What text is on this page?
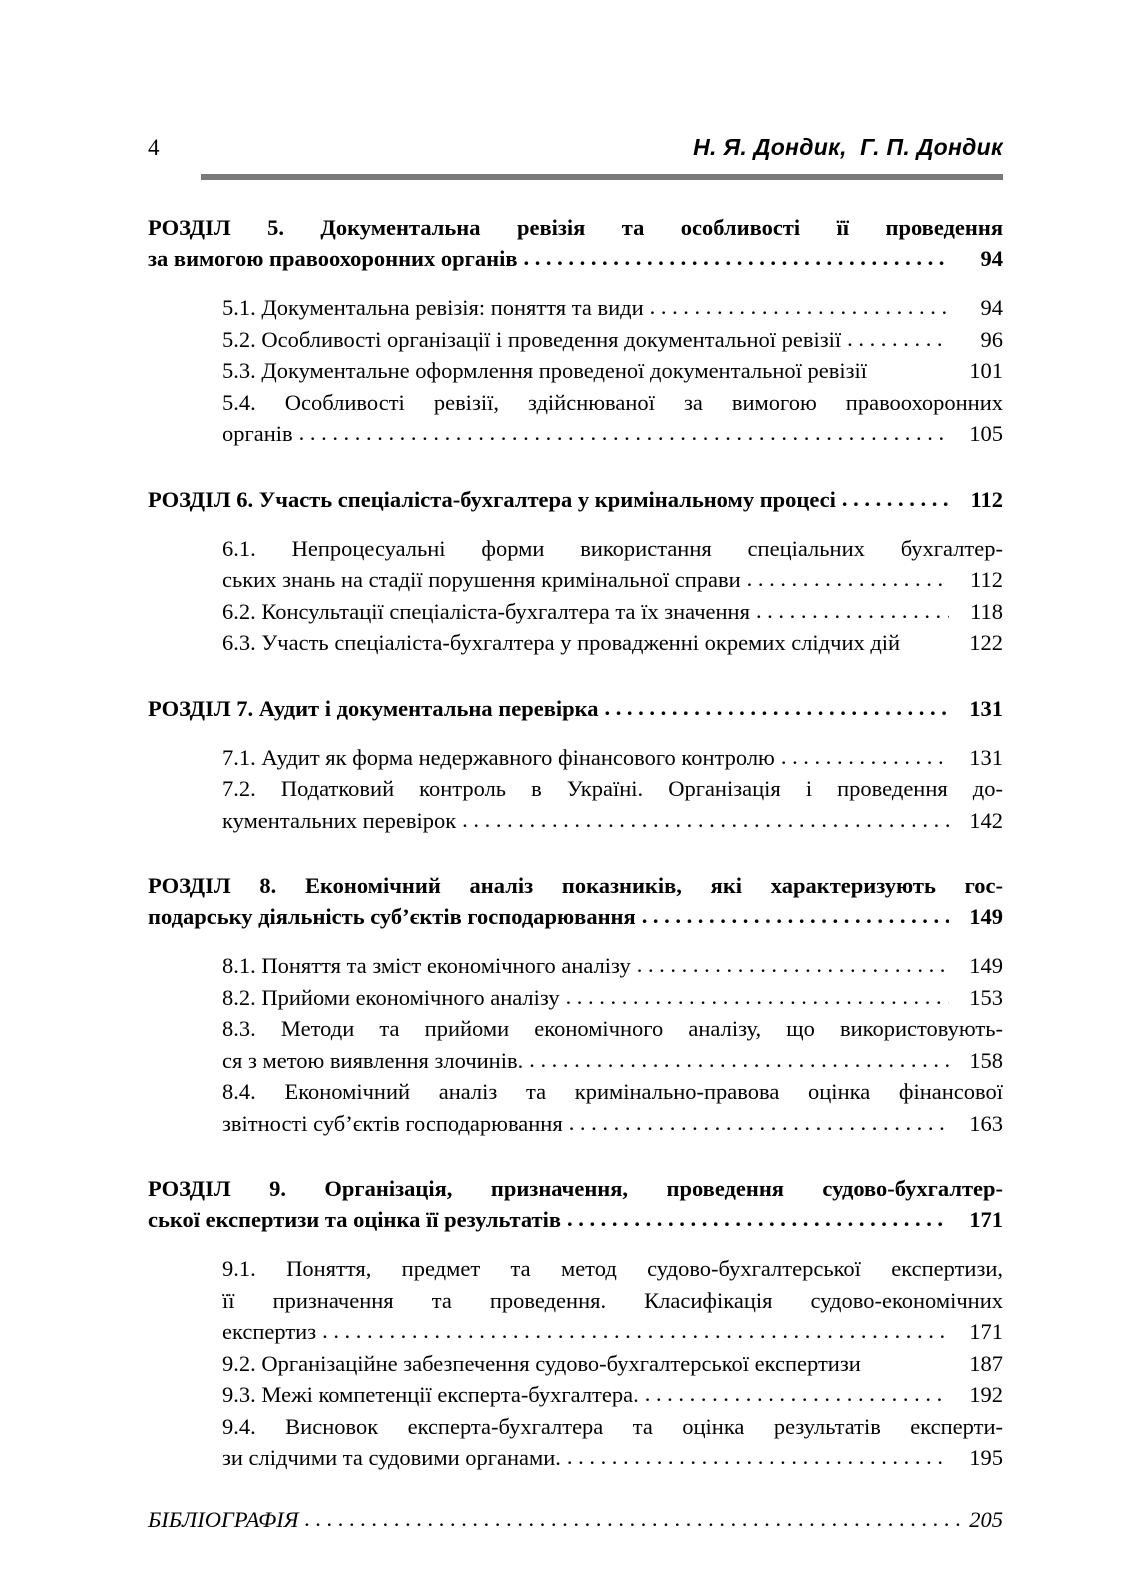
4	Н. Я. Дондик,  Г. П. Дондик
РОЗДІЛ 5. Документальна ревізія та особливості її проведення
за вимогою правоохоронних органів .....	94
5.1. Документальна ревізія: поняття та види .....	94
5.2. Особливості організації і проведення документальної ревізії .....	96
5.3. Документальне оформлення проведеної документальної ревізії	101
5.4. Особливості ревізії, здійснюваної за вимогою правоохоронних
органів .....	105
РОЗДІЛ 6. Участь спеціаліста-бухгалтера у кримінальному процесі .....	112
6.1. Непроцесуальні форми використання спеціальних бухгалтер-
ських знань на стадії порушення кримінальної справи .....	112
6.2. Консультації спеціаліста-бухгалтера та їх значення .....	118
6.3. Участь спеціаліста-бухгалтера у провадженні окремих слідчих дій	122
РОЗДІЛ 7. Аудит і документальна перевірка .....	131
7.1. Аудит як форма недержавного фінансового контролю .....	131
7.2. Податковий контроль в Україні. Організація і проведення до-
кументальних перевірок .....	142
РОЗДІЛ 8. Економічний аналіз показників, які характеризують гос-
подарську діяльність суб’єктів господарювання .....	149
8.1. Поняття та зміст економічного аналізу .....	149
8.2. Прийоми економічного аналізу .....	153
8.3. Методи та прийоми економічного аналізу, що використовують-
ся з метою виявлення злочинів. .....	158
8.4. Економічний аналіз та кримінально-правова оцінка фінансової
звітності суб’єктів господарювання .....	163
РОЗДІЛ 9. Організація, призначення, проведення судово-бухгалтер-
ської експертизи та оцінка її результатів .....	171
9.1. Поняття, предмет та метод судово-бухгалтерської експертизи,
її призначення та проведення. Класифікація судово-економічних
експертиз .....	171
9.2. Організаційне забезпечення судово-бухгалтерської експертизи	187
9.3. Межі компетенції експерта-бухгалтера. .....	192
9.4. Висновок експерта-бухгалтера та оцінка результатів експерти-
зи слідчими та судовими органами. .....	195
БІБЛІОГРАФІЯ .....	205
